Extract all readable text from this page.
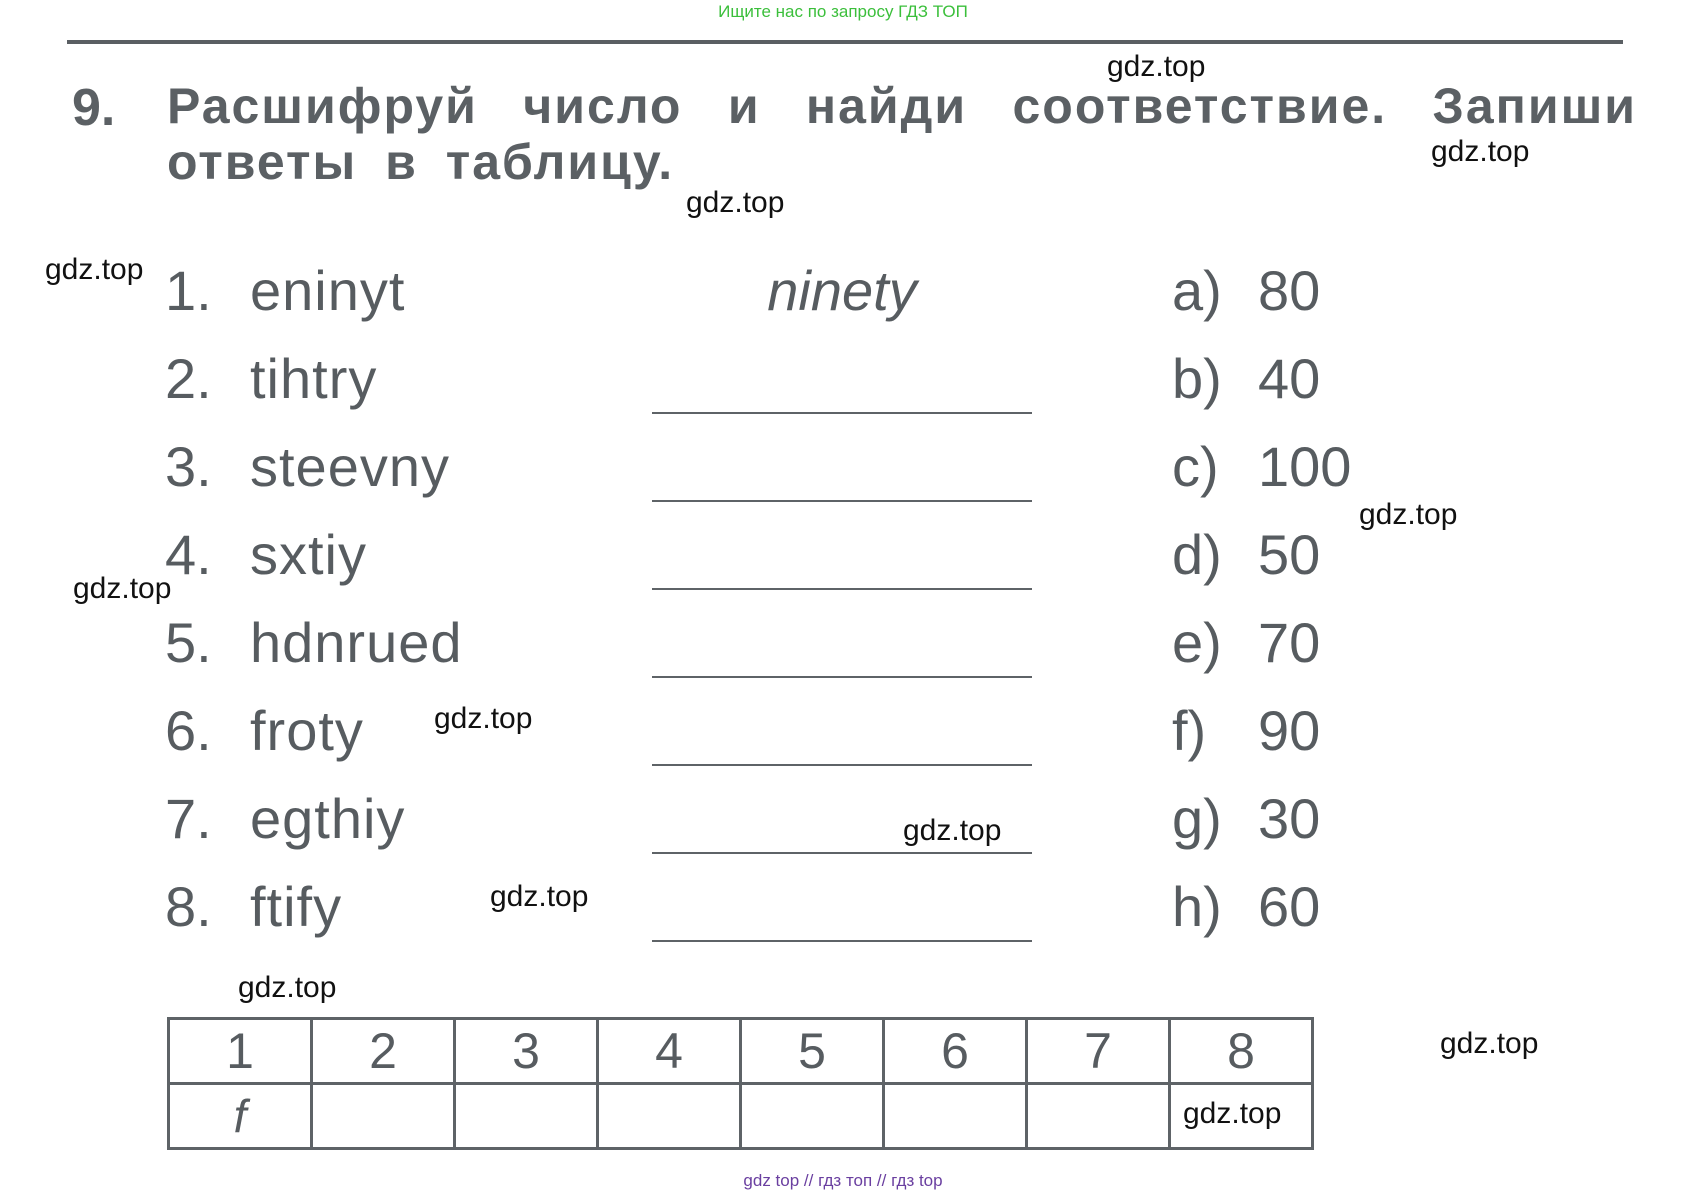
Ищите нас по запросу ГДЗ ТОП
9. Расшифруй число и найди соответствие. Запиши ответы в таблицу.
1. eninyt	ninety	a) 80
2. tihtry	b) 40
3. steevny	c) 100
4. sxtiy	d) 50
5. hdnrued	e) 70
6. froty	f) 90
7. egthiy	g) 30
8. ftify	h) 60
1	2	3	4	5	6	7	8
f							
gdz.top
gdz.top
gdz.top
gdz.top
gdz.top
gdz.top
gdz.top
gdz.top
gdz.top
gdz.top
gdz.top
gdz.top
gdz top // гдз топ // гдз top
